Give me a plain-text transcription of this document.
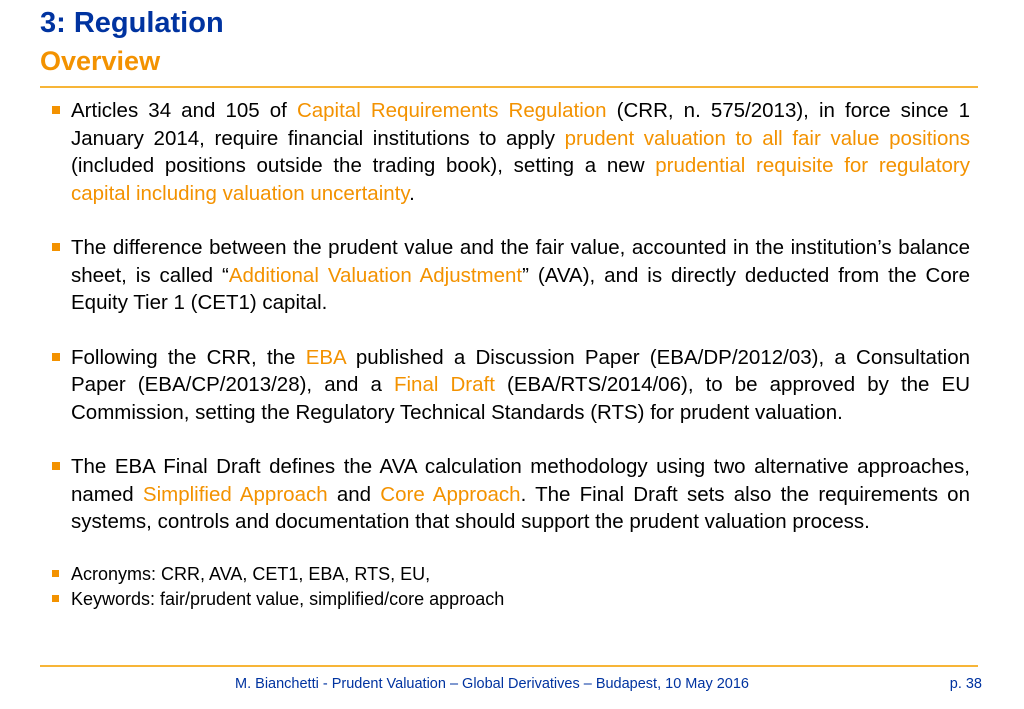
3: Regulation
Overview
Articles 34 and 105 of Capital Requirements Regulation (CRR, n. 575/2013), in force since 1 January 2014, require financial institutions to apply prudent valuation to all fair value positions (included positions outside the trading book), setting a new prudential requisite for regulatory capital including valuation uncertainty.
The difference between the prudent value and the fair value, accounted in the institution’s balance sheet, is called “Additional Valuation Adjustment” (AVA), and is directly deducted from the Core Equity Tier 1 (CET1) capital.
Following the CRR, the EBA published a Discussion Paper (EBA/DP/2012/03), a Consultation Paper (EBA/CP/2013/28), and a Final Draft (EBA/RTS/2014/06), to be approved by the EU Commission, setting the Regulatory Technical Standards (RTS) for prudent valuation.
The EBA Final Draft defines the AVA calculation methodology using two alternative approaches, named Simplified Approach and Core Approach. The Final Draft sets also the requirements on systems, controls and documentation that should support the prudent valuation process.
Acronyms: CRR, AVA, CET1, EBA, RTS, EU,
Keywords: fair/prudent value, simplified/core approach
M. Bianchetti - Prudent Valuation – Global Derivatives – Budapest, 10 May 2016	p. 38
